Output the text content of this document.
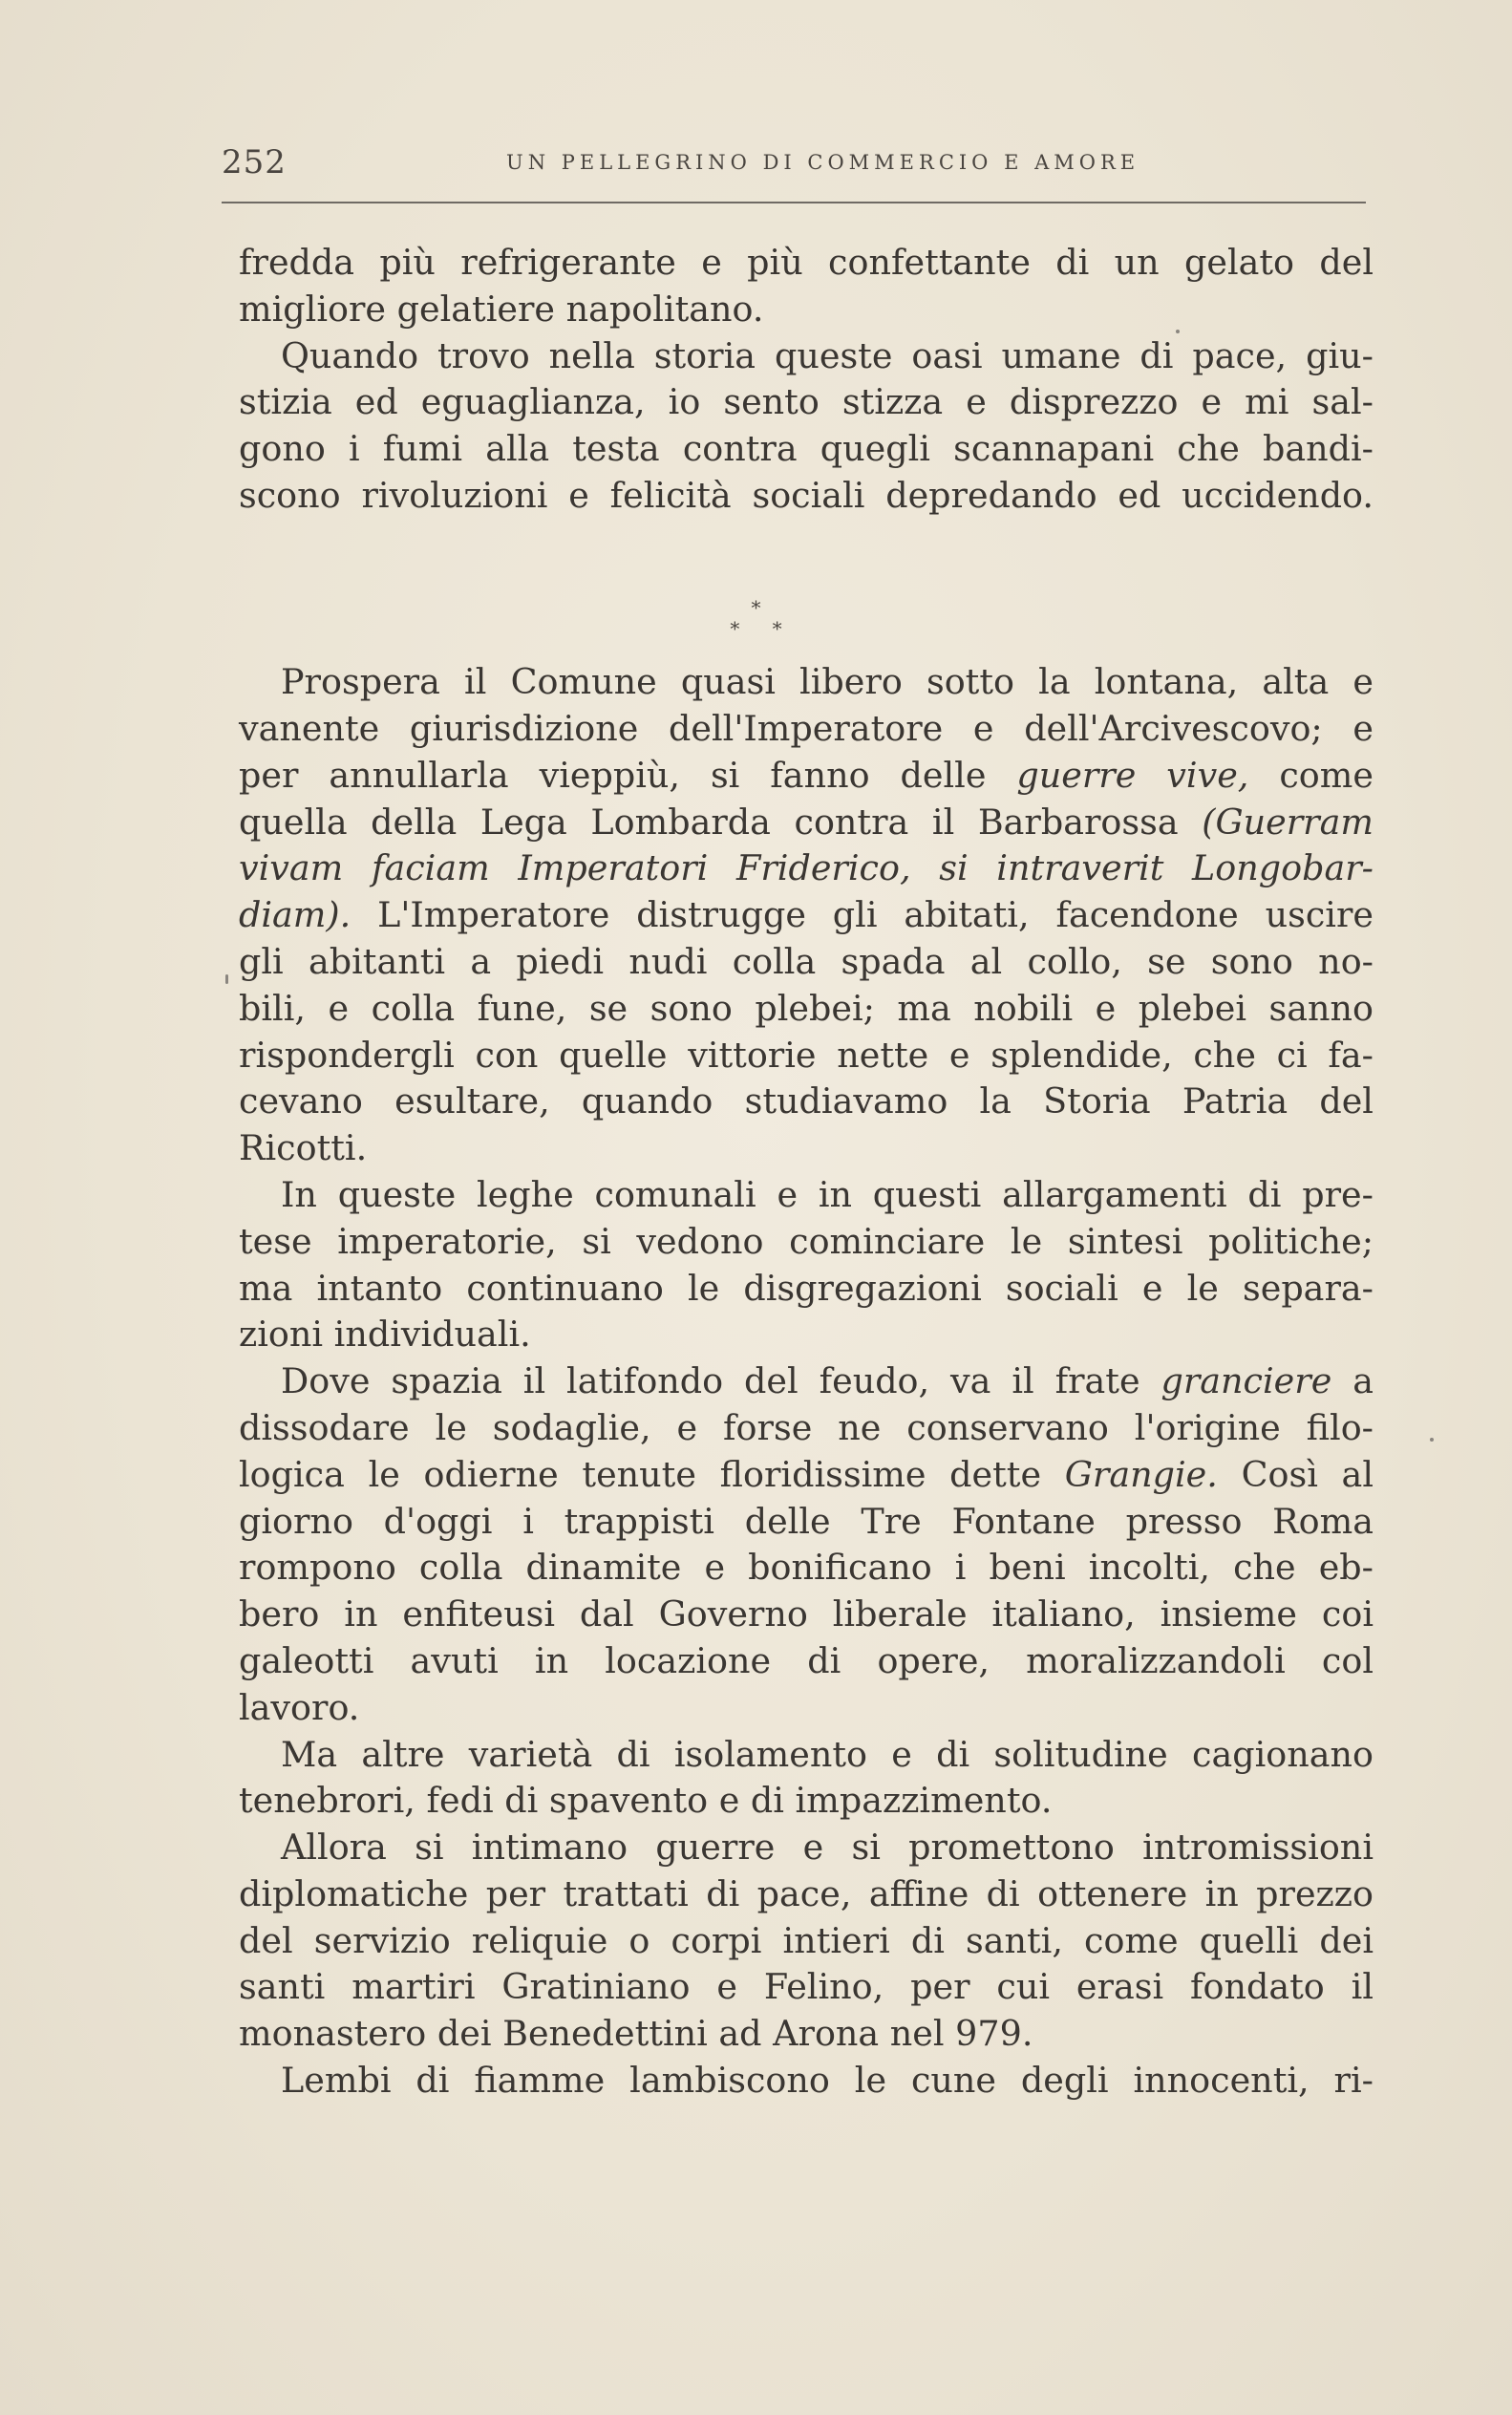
252	UN PELLEGRINO DI COMMERCIO E AMORE
*
* *
fredda più refrigerante e più confettante di un gelato del
migliore gelatiere napolitano.
Quando trovo nella storia queste oasi umane di pace, giu-
stizia ed eguaglianza, io sento stizza e disprezzo e mi sal-
gono i fumi alla testa contra quegli scannapani che bandi-
scono rivoluzioni e felicità sociali depredando ed uccidendo.

Prospera il Comune quasi libero sotto la lontana, alta e
vanente giurisdizione dell'Imperatore e dell'Arcivescovo; e
per annullarla vieppiù, si fanno delle guerre vive, come
quella della Lega Lombarda contra il Barbarossa (Guerram
vivam faciam Imperatori Friderico, si intraverit Longobar-
diam). L'Imperatore distrugge gli abitati, facendone uscire
gli abitanti a piedi nudi colla spada al collo, se sono no-
bili, e colla fune, se sono plebei; ma nobili e plebei sanno
rispondergli con quelle vittorie nette e splendide, che ci fa-
cevano esultare, quando studiavamo la Storia Patria del
Ricotti.
In queste leghe comunali e in questi allargamenti di pre-
tese imperatorie, si vedono cominciare le sintesi politiche;
ma intanto continuano le disgregazioni sociali e le separa-
zioni individuali.
Dove spazia il latifondo del feudo, va il frate granciere a
dissodare le sodaglie, e forse ne conservano l'origine filo-
logica le odierne tenute floridissime dette Grangie. Così al
giorno d'oggi i trappisti delle Tre Fontane presso Roma
rompono colla dinamite e bonificano i beni incolti, che eb-
bero in enfiteusi dal Governo liberale italiano, insieme coi
galeotti avuti in locazione di opere, moralizzandoli col
lavoro.
Ma altre varietà di isolamento e di solitudine cagionano
tenebrori, fedi di spavento e di impazzimento.
Allora si intimano guerre e si promettono intromissioni
diplomatiche per trattati di pace, affine di ottenere in prezzo
del servizio reliquie o corpi intieri di santi, come quelli dei
santi martiri Gratiniano e Felino, per cui erasi fondato il
monastero dei Benedettini ad Arona nel 979.
Lembi di fiamme lambiscono le cune degli innocenti, ri-
